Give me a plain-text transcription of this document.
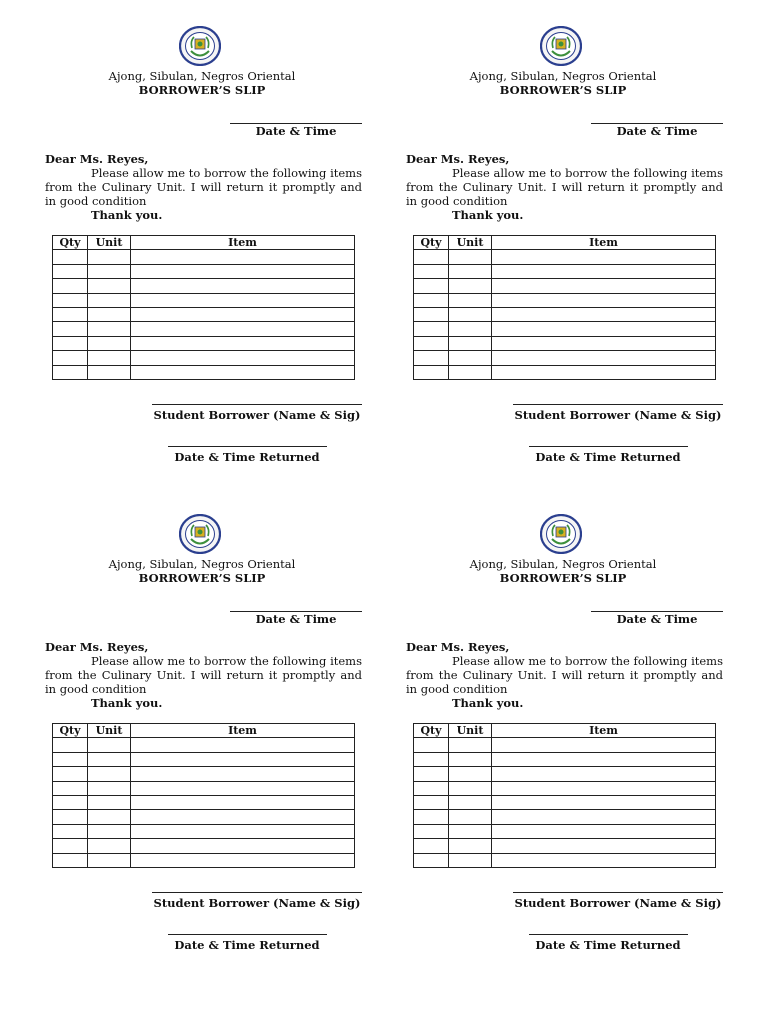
Ajong, Sibulan, Negros Oriental
BORROWER’S SLIP
Date & Time
Dear Ms. Reyes,

Please allow me to borrow the following items from the Culinary Unit. I will return it promptly and in good condition

Thank you.
Qty	Unit	Item

Student Borrower (Name & Sig)
Date & Time Returned
Ajong, Sibulan, Negros Oriental
BORROWER’S SLIP
Date & Time
Dear Ms. Reyes,

Please allow me to borrow the following items from the Culinary Unit. I will return it promptly and in good condition

Thank you.
Qty	Unit	Item

Student Borrower (Name & Sig)
Date & Time Returned
Ajong, Sibulan, Negros Oriental
BORROWER’S SLIP
Date & Time
Dear Ms. Reyes,

Please allow me to borrow the following items from the Culinary Unit. I will return it promptly and in good condition

Thank you.
Qty	Unit	Item

Student Borrower (Name & Sig)
Date & Time Returned
Ajong, Sibulan, Negros Oriental
BORROWER’S SLIP
Date & Time
Dear Ms. Reyes,

Please allow me to borrow the following items from the Culinary Unit. I will return it promptly and in good condition

Thank you.
Qty	Unit	Item

Student Borrower (Name & Sig)
Date & Time Returned
